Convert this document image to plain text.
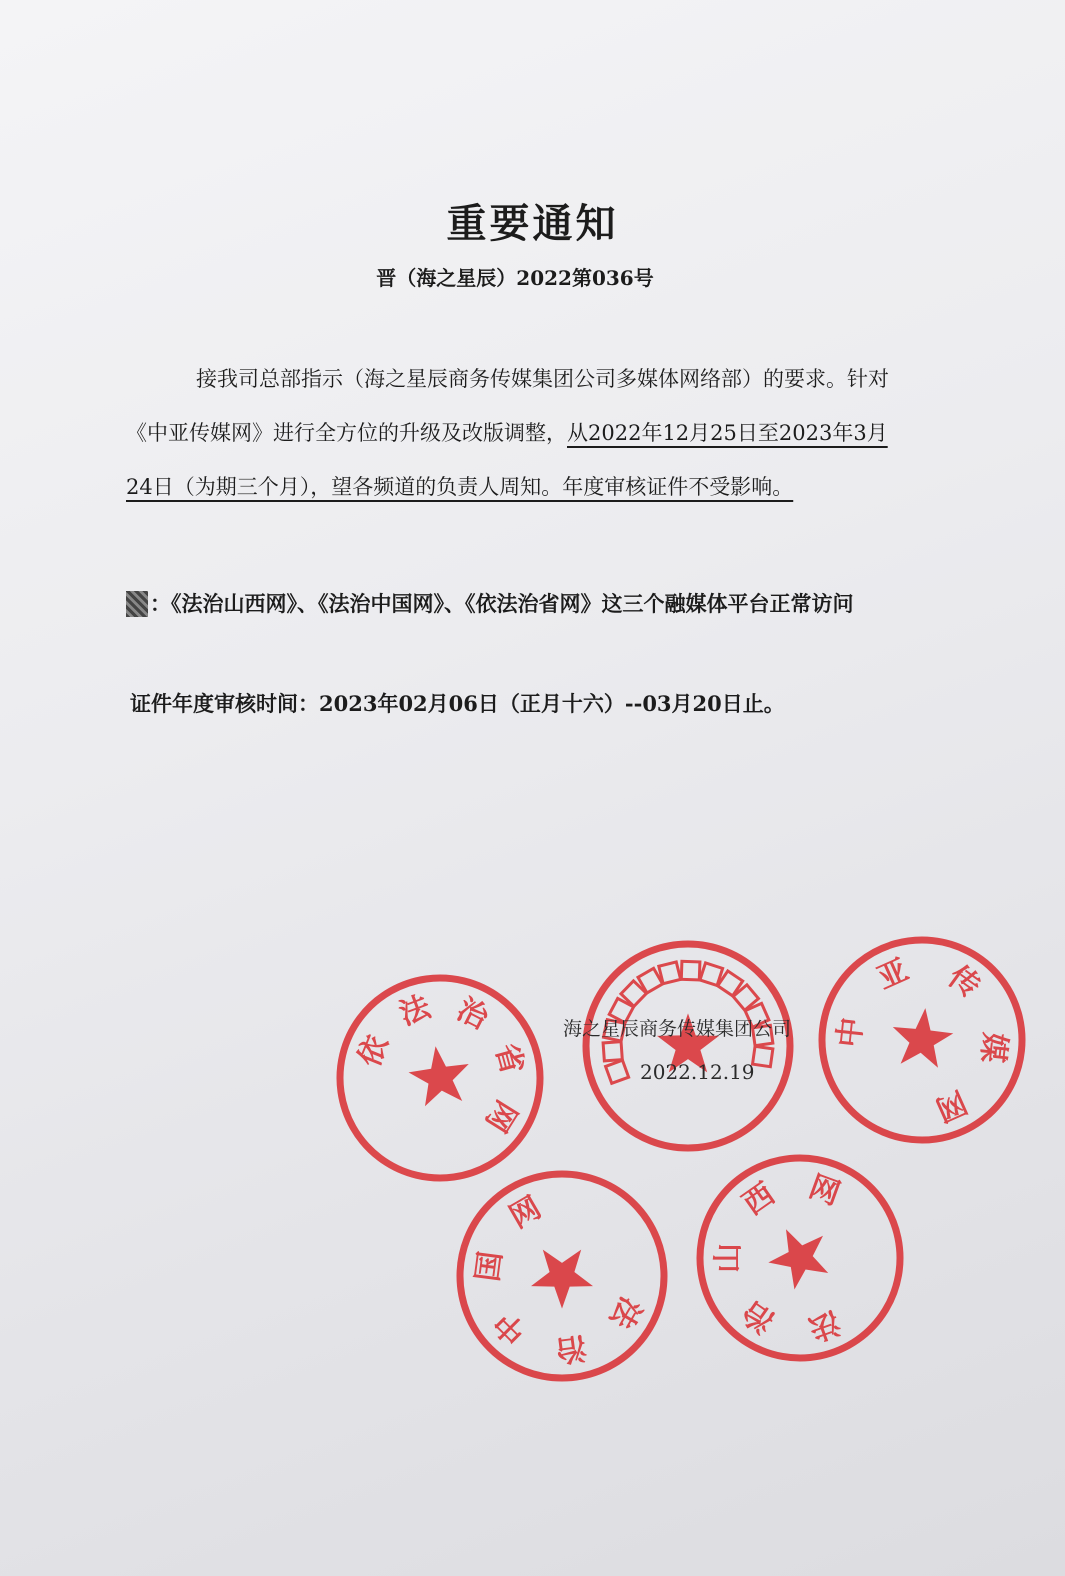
重要通知
晋（海之星辰）2022第036号
接我司总部指示（海之星辰商务传媒集团公司多媒体网络部）的要求。针对《中亚传媒网》进行全方位的升级及改版调整，从2022年12月25日至2023年3月24日（为期三个月），望各频道的负责人周知。年度审核证件不受影响。
：《法治山西网》、《法治中国网》、《依法治省网》这三个融媒体平台正常访问
证件年度审核时间：2023年02月06日（正月十六）--03月20日止。
依
法 治
省
网
中
亚 传
媒
网
法
治
中
国
网
法
治
山
西 网
海之星辰商务传媒集团公司
2022.12.19
